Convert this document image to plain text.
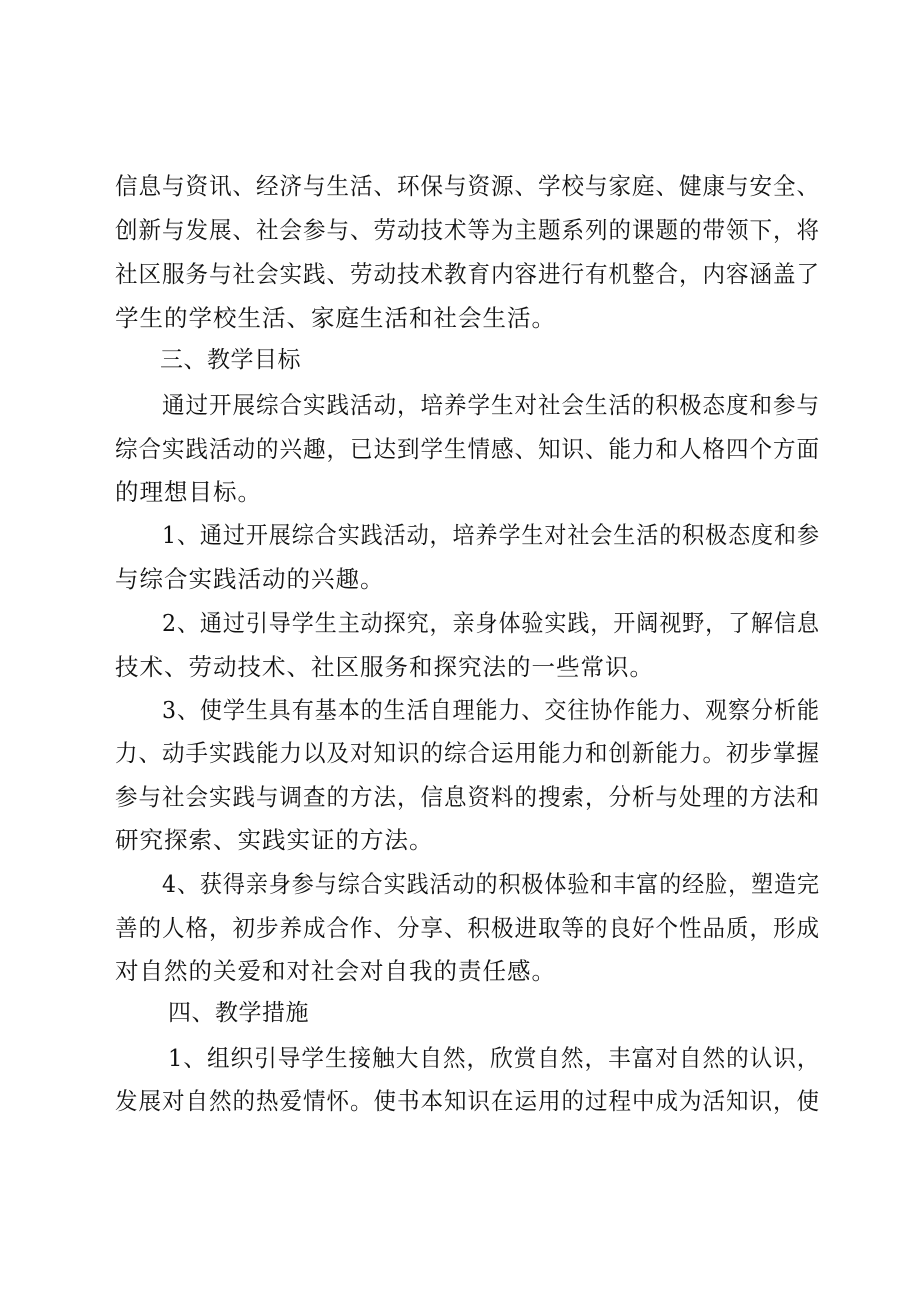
信息与资讯、经济与生活、环保与资源、学校与家庭、健康与安全、
创新与发展、社会参与、劳动技术等为主题系列的课题的带领下，将
社区服务与社会实践、劳动技术教育内容进行有机整合，内容涵盖了
学生的学校生活、家庭生活和社会生活。
三、教学目标
通过开展综合实践活动，培养学生对社会生活的积极态度和参与
综合实践活动的兴趣，已达到学生情感、知识、能力和人格四个方面
的理想目标。
1、通过开展综合实践活动，培养学生对社会生活的积极态度和参
与综合实践活动的兴趣。
2、通过引导学生主动探究，亲身体验实践，开阔视野，了解信息
技术、劳动技术、社区服务和探究法的一些常识。
3、使学生具有基本的生活自理能力、交往协作能力、观察分析能
力、动手实践能力以及对知识的综合运用能力和创新能力。初步掌握
参与社会实践与调查的方法，信息资料的搜索，分析与处理的方法和
研究探索、实践实证的方法。
4、获得亲身参与综合实践活动的积极体验和丰富的经脸，塑造完
善的人格，初步养成合作、分享、积极进取等的良好个性品质，形成
对自然的关爱和对社会对自我的责任感。
四、教学措施
1、组织引导学生接触大自然，欣赏自然，丰富对自然的认识，
发展对自然的热爱情怀。使书本知识在运用的过程中成为活知识，使
